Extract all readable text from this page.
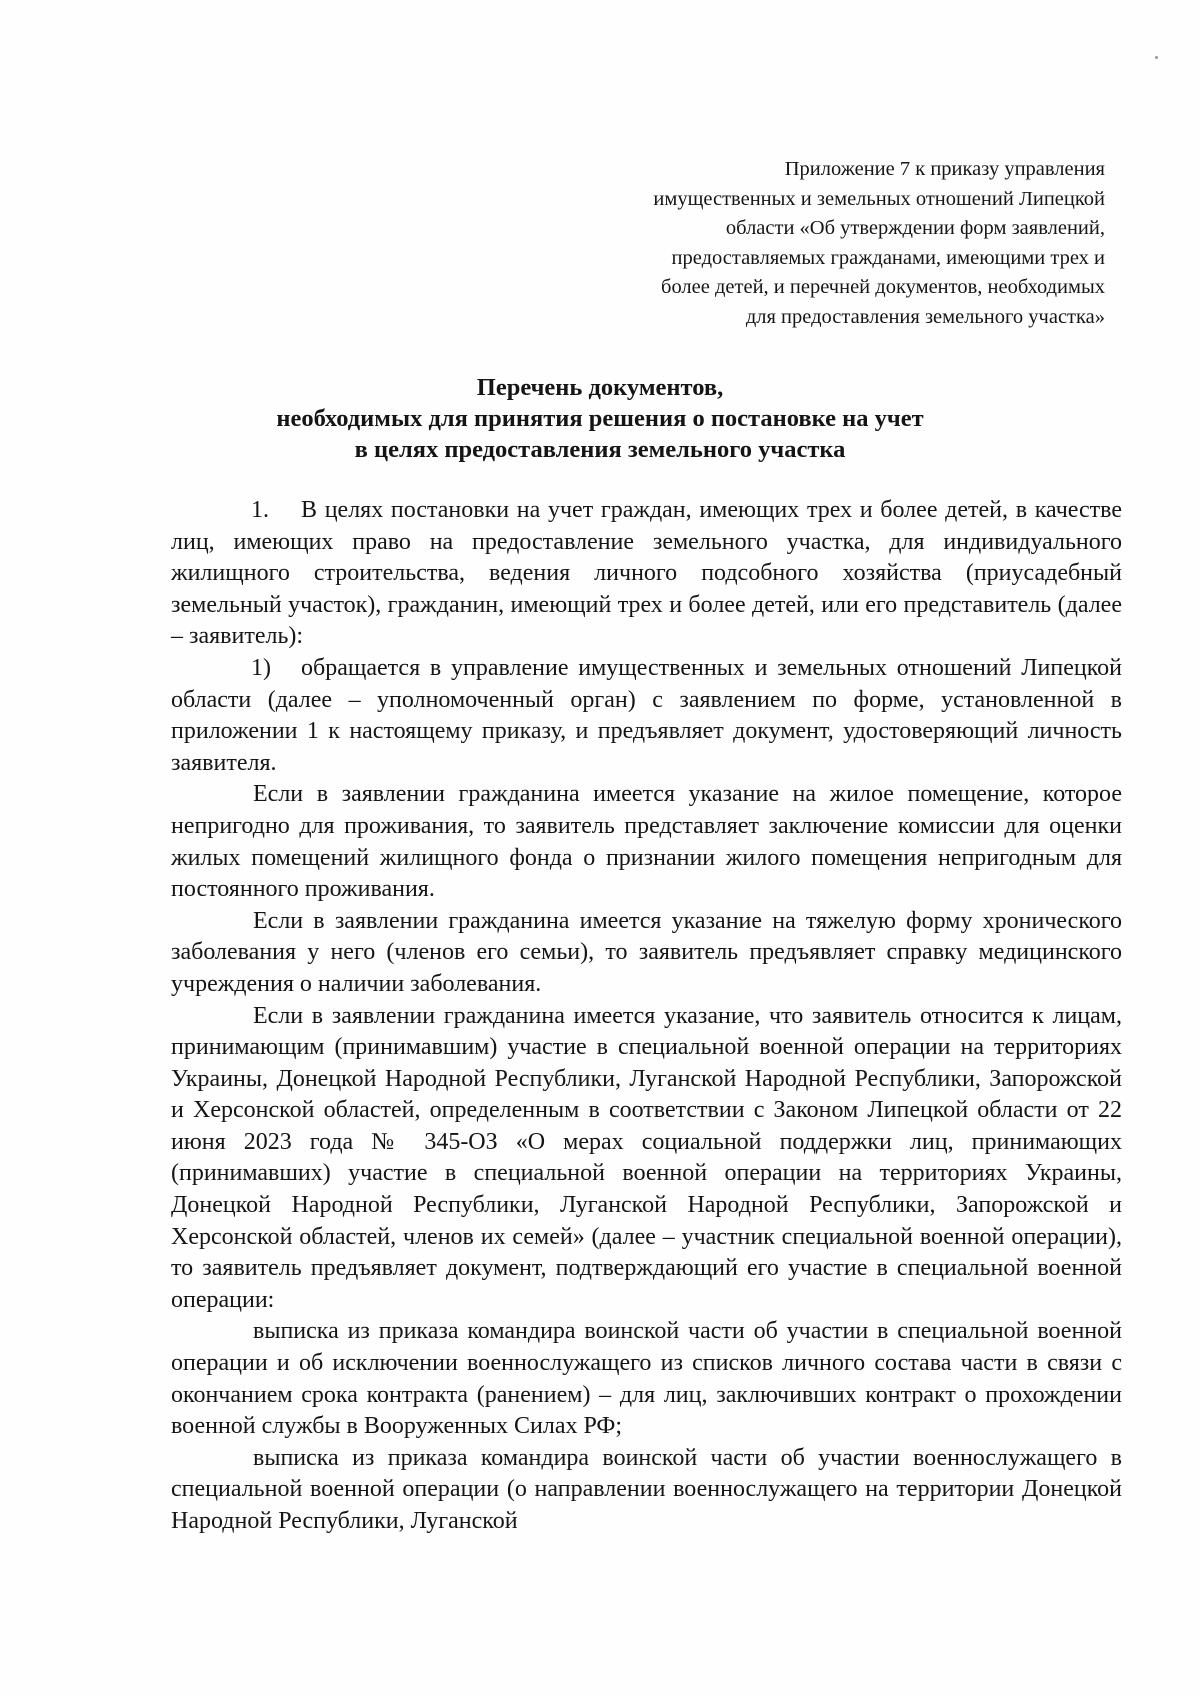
Приложение 7 к приказу управления
имущественных и земельных отношений Липецкой
области «Об утверждении форм заявлений,
предоставляемых гражданами, имеющими трех и
более детей, и перечней документов, необходимых
для предоставления земельного участка»
Перечень документов,
необходимых для принятия решения о постановке на учет
в целях предоставления земельного участка

1. В целях постановки на учет граждан, имеющих трех и более детей, в качестве лиц, имеющих право на предоставление земельного участка, для индивидуального жилищного строительства, ведения личного подсобного хозяйства (приусадебный земельный участок), гражданин, имеющий трех и более детей, или его представитель (далее – заявитель):

1) обращается в управление имущественных и земельных отношений Липецкой области (далее – уполномоченный орган) с заявлением по форме, установленной в приложении 1 к настоящему приказу, и предъявляет документ, удостоверяющий личность заявителя.

Если в заявлении гражданина имеется указание на жилое помещение, которое непригодно для проживания, то заявитель представляет заключение комиссии для оценки жилых помещений жилищного фонда о признании жилого помещения непригодным для постоянного проживания.

Если в заявлении гражданина имеется указание на тяжелую форму хронического заболевания у него (членов его семьи), то заявитель предъявляет справку медицинского учреждения о наличии заболевания.

Если в заявлении гражданина имеется указание, что заявитель относится к лицам, принимающим (принимавшим) участие в специальной военной операции на территориях Украины, Донецкой Народной Республики, Луганской Народной Республики, Запорожской и Херсонской областей, определенным в соответствии с Законом Липецкой области от 22 июня 2023 года № 345-ОЗ «О мерах социальной поддержки лиц, принимающих (принимавших) участие в специальной военной операции на территориях Украины, Донецкой Народной Республики, Луганской Народной Республики, Запорожской и Херсонской областей, членов их семей» (далее – участник специальной военной операции), то заявитель предъявляет документ, подтверждающий его участие в специальной военной операции:

выписка из приказа командира воинской части об участии в специальной военной операции и об исключении военнослужащего из списков личного состава части в связи с окончанием срока контракта (ранением) – для лиц, заключивших контракт о прохождении военной службы в Вооруженных Силах РФ;

выписка из приказа командира воинской части об участии военнослужащего в специальной военной операции (о направлении военнослужащего на территории Донецкой Народной Республики, Луганской
